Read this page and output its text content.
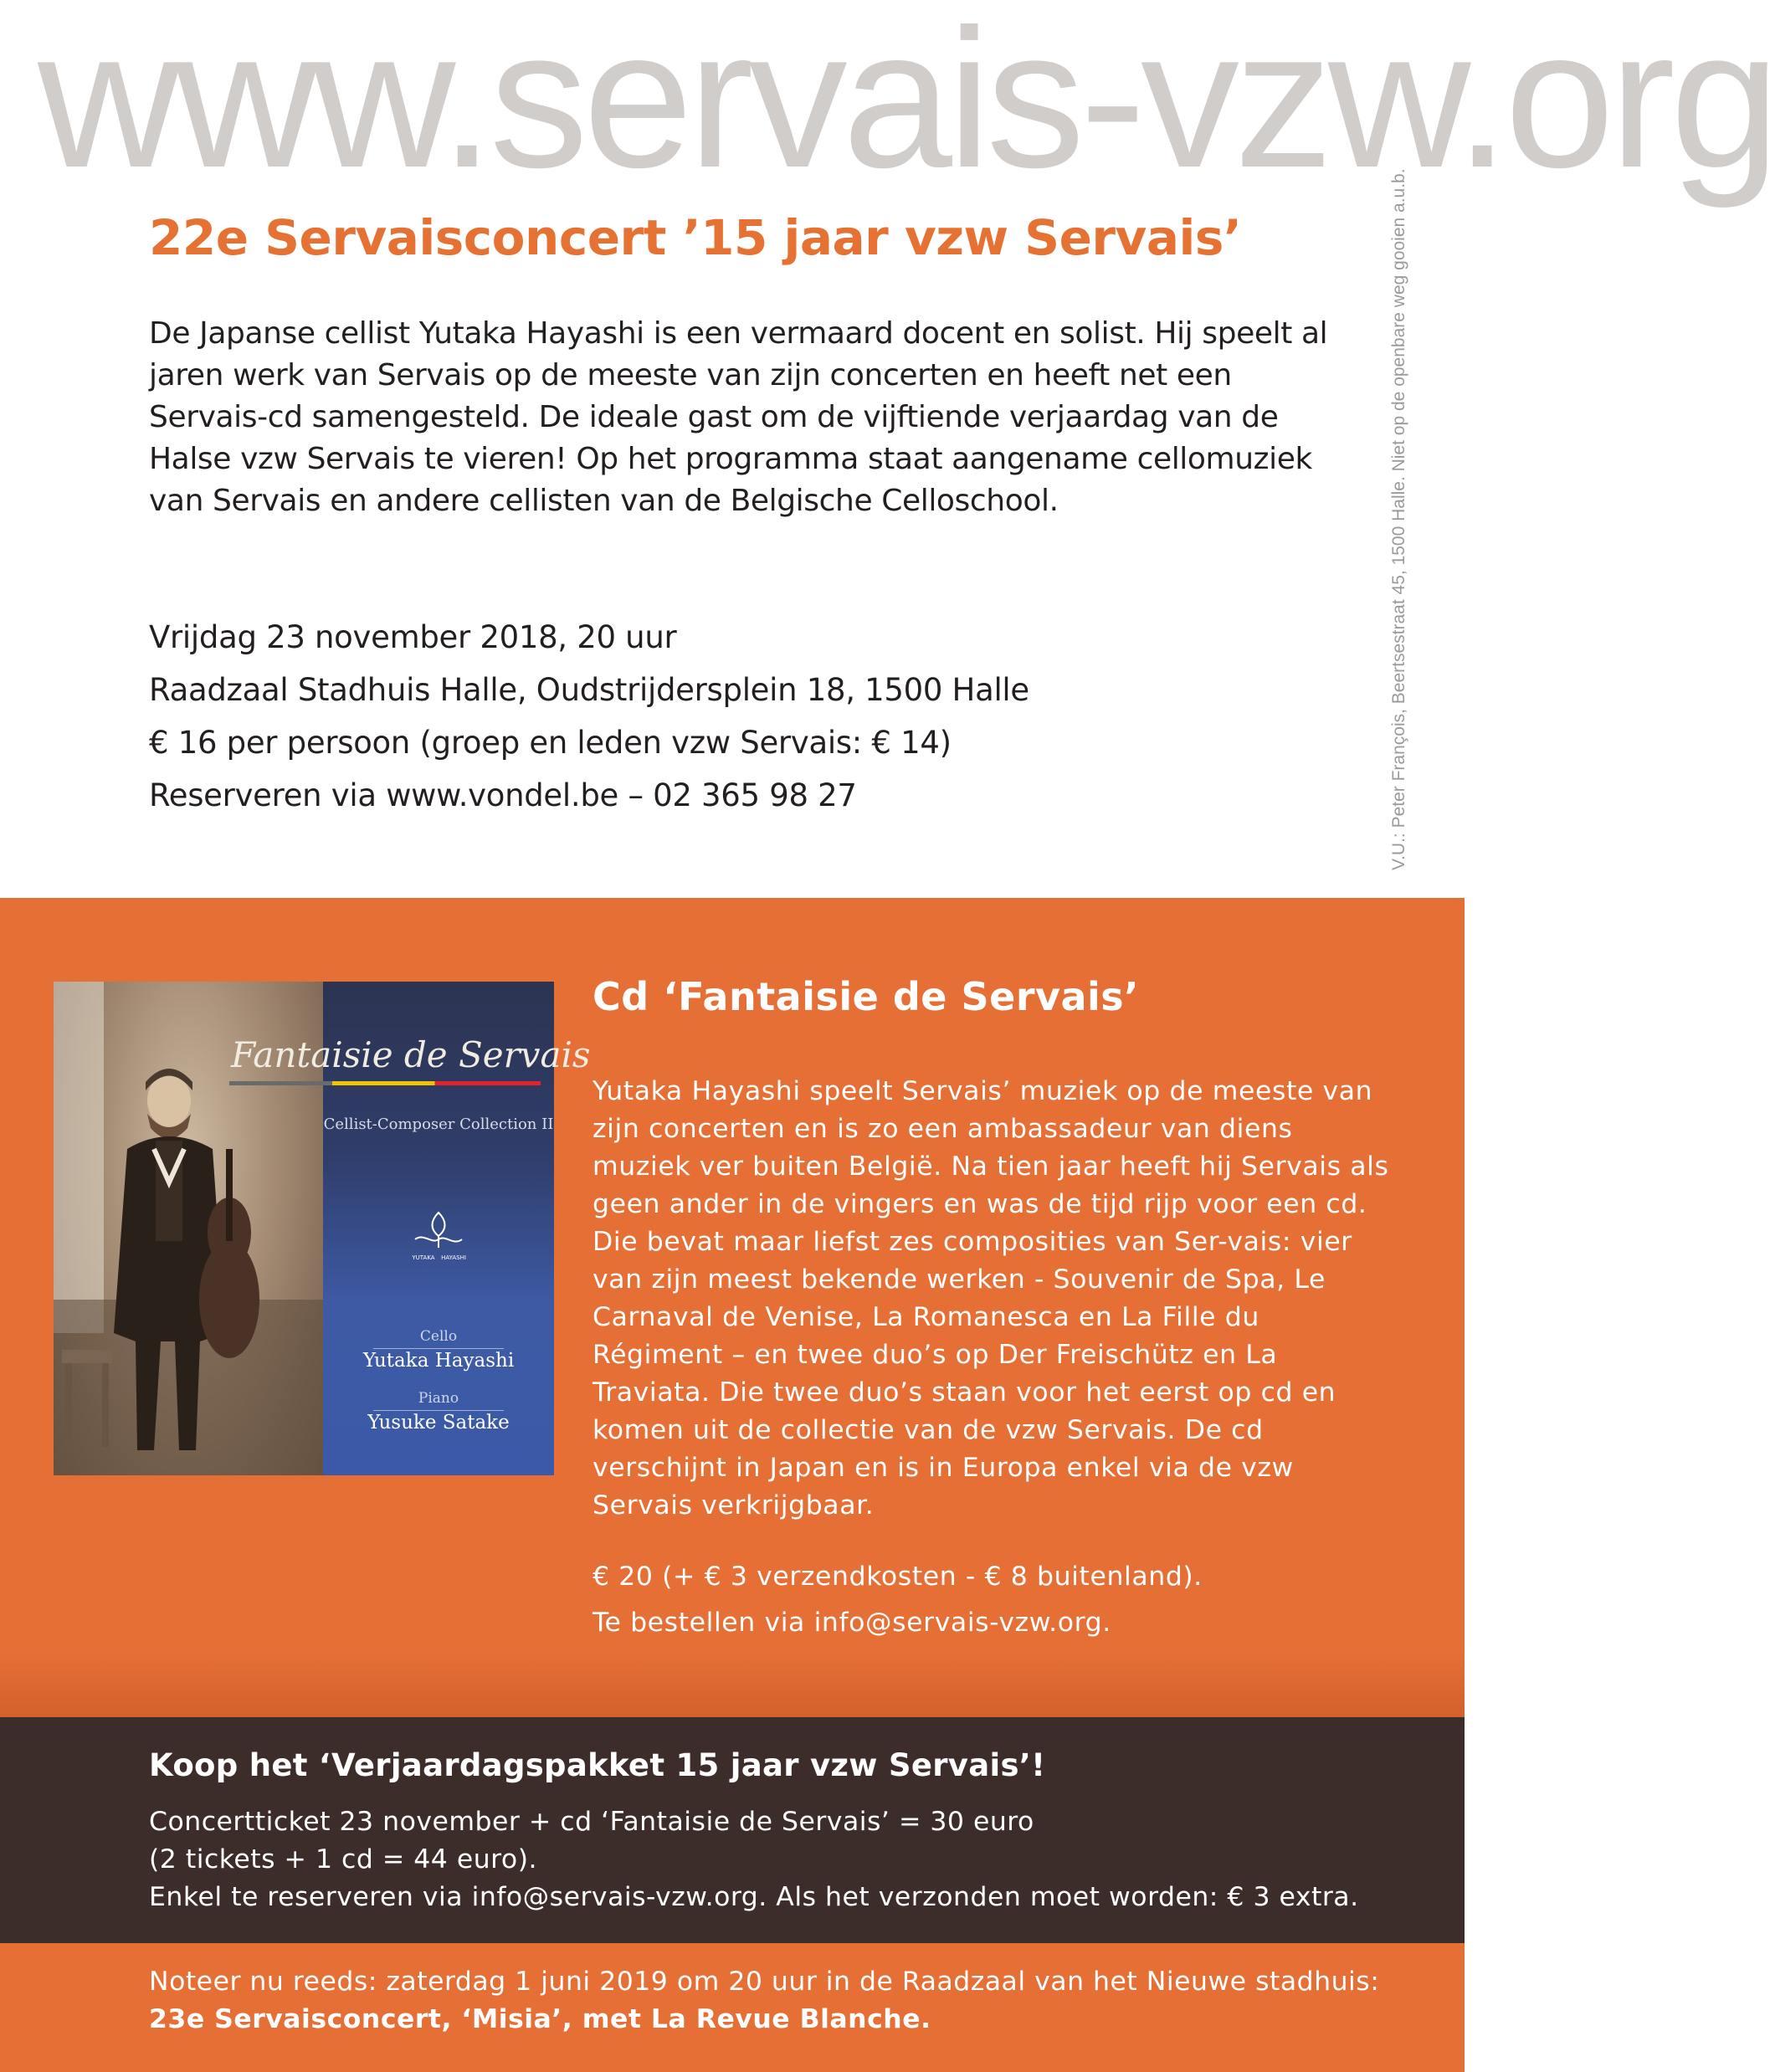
www.servais-vzw.org
V.U.: Peter François, Beertsestraat 45, 1500 Halle. Niet op de openbare weg gooien a.u.b.
22e Servaisconcert ’15 jaar vzw Servais’

De Japanse cellist Yutaka Hayashi is een vermaard docent en solist. Hij speelt al jaren werk van Servais op de meeste van zijn concerten en heeft net een Servais-cd samengesteld. De ideale gast om de vijftiende verjaardag van de Halse vzw Servais te vieren! Op het programma staat aangename cellomuziek van Servais en andere cellisten van de Belgische Celloschool.

Vrijdag 23 november 2018, 20 uur
Raadzaal Stadhuis Halle, Oudstrijdersplein 18, 1500 Halle
€ 16 per persoon (groep en leden vzw Servais: € 14)
Reserveren via www.vondel.be – 02 365 98 27
Cellist-Composer Collection II
YUTAKA HAYASHI
Cello
Yutaka Hayashi
Piano
Yusuke Satake
Fantaisie de Servais
Cd ‘Fantaisie de Servais’

Yutaka Hayashi speelt Servais’ muziek op de meeste van zijn concerten en is zo een ambassadeur van diens muziek ver buiten België. Na tien jaar heeft hij Servais als geen ander in de vingers en was de tijd rijp voor een cd. Die bevat maar liefst zes composities van Ser-vais: vier van zijn meest bekende werken - Souvenir de Spa, Le Carnaval de Venise, La Romanesca en La Fille du Régiment – en twee duo’s op Der Freischütz en La Traviata. Die twee duo’s staan voor het eerst op cd en komen uit de collectie van de vzw Servais. De cd verschijnt in Japan en is in Europa enkel via de vzw Servais verkrijgbaar.

€ 20 (+ € 3 verzendkosten - € 8 buitenland).
Te bestellen via info@servais-vzw.org.
Koop het ‘Verjaardagspakket 15 jaar vzw Servais’!

Concertticket 23 november + cd ‘Fantaisie de Servais’ = 30 euro
(2 tickets + 1 cd = 44 euro).
Enkel te reserveren via info@servais-vzw.org. Als het verzonden moet worden: € 3 extra.

Noteer nu reeds: zaterdag 1 juni 2019 om 20 uur in de Raadzaal van het Nieuwe stadhuis:
23e Servaisconcert, ‘Misia’, met La Revue Blanche.
